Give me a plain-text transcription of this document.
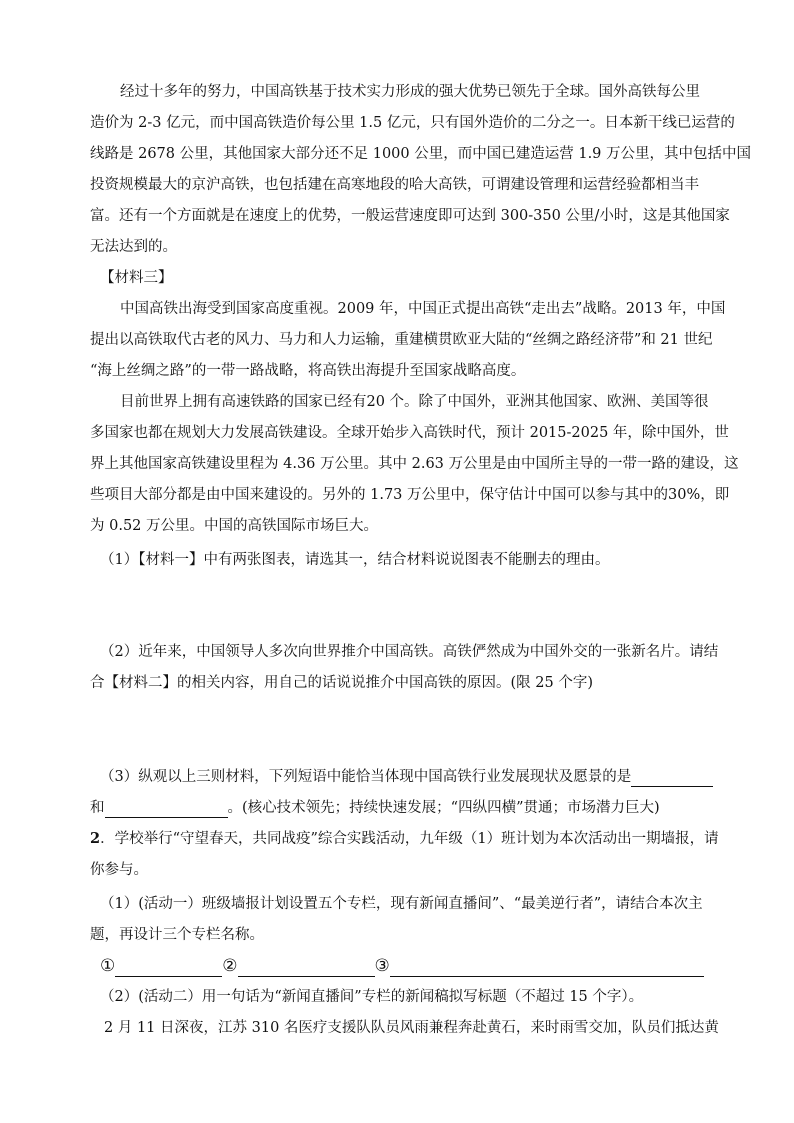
经过十多年的努力，中国高铁基于技术实力形成的强大优势已领先于全球。国外高铁每公里
造价为 2-3 亿元，而中国高铁造价每公里 1.5 亿元，只有国外造价的二分之一。日本新干线已运营的
线路是 2678 公里，其他国家大部分还不足 1000 公里，而中国已建造运营 1.9 万公里，其中包括中国
投资规模最大的京沪高铁，也包括建在高寒地段的哈大高铁，可谓建设管理和运营经验都相当丰
富。还有一个方面就是在速度上的优势，一般运营速度即可达到 300-350 公里/小时，这是其他国家
无法达到的。
【材料三】
中国高铁出海受到国家高度重视。2009 年，中国正式提出高铁“走出去”战略。2013 年，中国
提出以高铁取代古老的风力、马力和人力运输，重建横贯欧亚大陆的“丝绸之路经济带”和 21 世纪
“海上丝绸之路”的一带一路战略，将高铁出海提升至国家战略高度。
目前世界上拥有高速铁路的国家已经有20 个。除了中国外，亚洲其他国家、欧洲、美国等很
多国家也都在规划大力发展高铁建设。全球开始步入高铁时代，预计 2015-2025 年，除中国外，世
界上其他国家高铁建设里程为 4.36 万公里。其中 2.63 万公里是由中国所主导的一带一路的建设，这
些项目大部分都是由中国来建设的。另外的 1.73 万公里中，保守估计中国可以参与其中的30%，即
为 0.52 万公里。中国的高铁国际市场巨大。
（1）【材料一】中有两张图表，请选其一，结合材料说说图表不能删去的理由。
（2）近年来，中国领导人多次向世界推介中国高铁。高铁俨然成为中国外交的一张新名片。请结
合【材料二】的相关内容，用自己的话说说推介中国高铁的原因。(限 25 个字)
（3）纵观以上三则材料，下列短语中能恰当体现中国高铁行业发展现状及愿景的是
和	。(核心技术领先；持续快速发展；“四纵四横”贯通；市场潜力巨大)
2．学校举行“守望春天，共同战疫”综合实践活动，九年级（1）班计划为本次活动出一期墙报，请
你参与。
（1）(活动一）班级墙报计划设置五个专栏，现有新闻直播间”、“最美逆行者”，请结合本次主
题，再设计三个专栏名称。
①	②	③
（2）(活动二）用一句话为“新闻直播间”专栏的新闻稿拟写标题（不超过 15 个字）。
2 月 11 日深夜，江苏 310 名医疗支援队队员风雨兼程奔赴黄石，来时雨雪交加，队员们抵达黄
